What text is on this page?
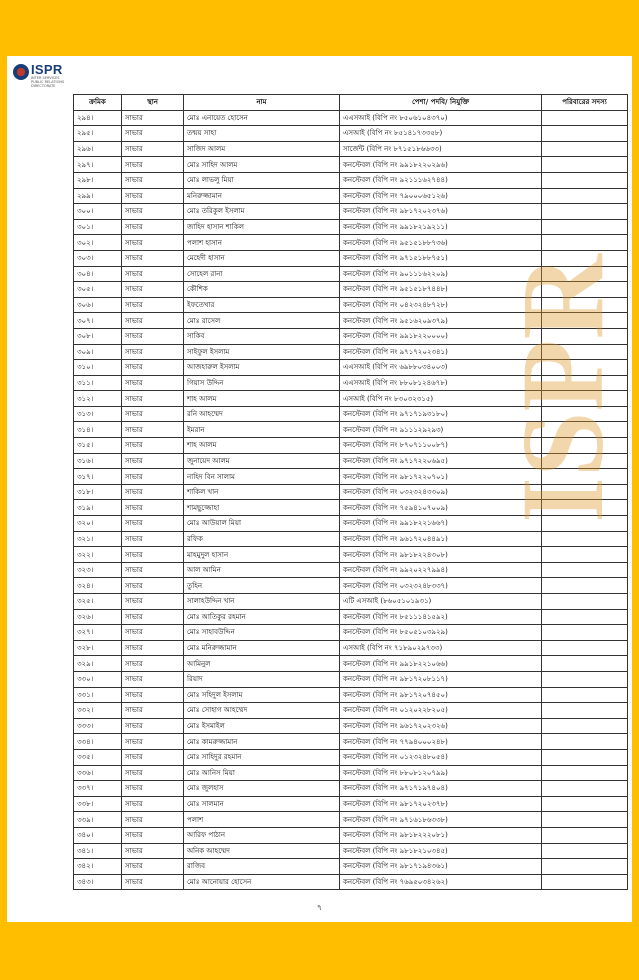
ISPR
INTER SERVICES PUBLIC RELATIONS DIRECTORATE
ক্রমিক	স্থান	নাম	পেশা/ পদবি/ নিযুক্তি	পরিবারের সদস্য
২৯৪।	সাভার	মোঃ এনায়েত হোসেন	এএসআই (বিপি নং ৮৫০৬১০৪৩৭০)	
২৯৫।	সাভার	তন্ময় সাহা	এসআই (বিপি নং ৮৫১৪১৭৩৩৫৮)	
২৯৬।	সাভার	সাজিদ আলম	সার্জেন্ট (বিপি নং ৮৭১৫১৮৬৬৩৩)	
২৯৭।	সাভার	মোঃ সাহিদ আলম	কনস্টেবল (বিপি নং ৯৯১৮২২০২৯৬)	
২৯৮।	সাভার	মোঃ লাভলু মিয়া	কনস্টেবল (বিপি নং ৯২১১১৬২৭৪৪)	
২৯৯।	সাভার	মনিরুজ্জামান	কনস্টেবল (বিপি নং ৭৯০০০৬৫১২৬)	
৩০০।	সাভার	মোঃ তরিকুল ইসলাম	কনস্টেবল (বিপি নং ৯৮১৭২০২৩৭৬)	
৩০১।	সাভার	জাহিদ হাসান শাকিল	কনস্টেবল (বিপি নং ৯৯১৮২১৯২১১)	
৩০২।	সাভার	পলাশ হাসান	কনস্টেবল (বিপি নং ৯৫১৫১৮৮৭৩৬)	
৩০৩।	সাভার	মেহেদী হাসান	কনস্টেবল (বিপি নং ৯৭১৫১৮৮৭৫১)	
৩০৪।	সাভার	সোহেল রানা	কনস্টেবল (বিপি নং ৯০১১১৬২২০৯)	
৩০৫।	সাভার	কৌশিক	কনস্টেবল (বিপি নং ৯৫১৫১৮৭৪৪৮)	
৩০৬।	সাভার	ইফতেখার	কনস্টেবল (বিপি নং ০৪২৩২৪৮৭২৮)	
৩০৭।	সাভার	মোঃ রাসেল	কনস্টেবল (বিপি নং ৯৫১৬২০৯৩৭৯)	
৩০৮।	সাভার	সাকিব	কনস্টেবল (বিপি নং ৯৯১৮২২০০০০)	
৩০৯।	সাভার	সাইফুল ইসলাম	কনস্টেবল (বিপি নং ৯৭১৭২০২৩৪১)	
৩১০।	সাভার	আজহারুল ইসলাম	এএসআই (বিপি নং ৬৯৮৮০৩৪০০৩)	
৩১১।	সাভার	গিয়াস উদ্দিন	এএসআই (বিপি নং ৮৮০৮১২৪৬৭৮)	
৩১২।	সাভার	শাহ আলম	এসআই (বিপি নং ৮৩০৩২৩১৫)	
৩১৩।	সাভার	রনি আহম্মেদ	কনস্টেবল (বিপি নং ৯৭১৭১৯৩১৮০)	
৩১৪।	সাভার	ইমরান	কনস্টেবল (বিপি নং ৯১১১২৯২৯৩)	
৩১৫।	সাভার	শাহ আলম	কনস্টেবল (বিপি নং ৮৭০৭১১০০৮৭)	
৩১৬।	সাভার	জুনায়েদ আলম	কনস্টেবল (বিপি নং ৯৭১৭২২০৬৯৫)	
৩১৭।	সাভার	নাহিদ বিন সালাম	কনস্টেবল (বিপি নং ৯৮১৭২২০৭০১)	
৩১৮।	সাভার	শাকিল খান	কনস্টেবল (বিপি নং ০৩২৩২৪৩৩০৯)	
৩১৯।	সাভার	শামছুজ্জোহা	কনস্টেবল (বিপি নং ৭৫৯৪১০৭০০৯)	
৩২০।	সাভার	মোঃ আউয়াল মিয়া	কনস্টেবল (বিপি নং ৯৯১৮২২১৬৬৭)	
৩২১।	সাভার	রফিক	কনস্টেবল (বিপি নং ৯৬১৭২০৪৪৯১)	
৩২২।	সাভার	মাহমুদুল হাসান	কনস্টেবল (বিপি নং ৯৮১৮২২৪৩০৮)	
৩২৩।	সাভার	আল আমিন	কনস্টেবল (বিপি নং ৯৯২০২২৭৯৯৪)	
৩২৪।	সাভার	তুহিন	কনস্টেবল (বিপি নং ০৩২৩২৪৮৩৩৭)	
৩২৫।	সাভার	সালাহউদ্দিন খান	এটি এসআই (৮৬০৫১০১৯৩১)	
৩২৬।	সাভার	মোঃ আতিকুর রহমান	কনস্টেবল (বিপি নং ৮৫১১১৪১৫৯২)	
৩২৭।	সাভার	মোঃ সাহাবউদ্দিন	কনস্টেবল (বিপি নং ৮৫০৫১০৩৯২৯)	
৩২৮।	সাভার	মোঃ মনিরুজ্জামান	এসআই (বিপি নং ৭১৮৯০২৯৭৩৩)	
৩২৯।	সাভার	আমিনুল	কনস্টেবল (বিপি নং ৯৯১৮২২১০৬৬)	
৩৩০।	সাভার	রিয়াদ	কনস্টেবল (বিপি নং ৯৮১৭২০৮১১৭)	
৩৩১।	সাভার	মোঃ সহিদুল ইসলাম	কনস্টেবল (বিপি নং ৯৮১৭২০৭৪৫০)	
৩৩২।	সাভার	মোঃ সোহাগ আহম্মেদ	কনস্টেবল (বিপি নং ০১২০২২৮২০৫)	
৩৩৩।	সাভার	মোঃ ইসমাইল	কনস্টেবল (বিপি নং ৯৬১৭২০২৩২৬)	
৩৩৪।	সাভার	মোঃ কামরুজ্জামান	কনস্টেবল (বিপি নং ৭৭৯৪০০০২৪৮)	
৩৩৫।	সাভার	মোঃ সাহিদুর রহমান	কনস্টেবল (বিপি নং ০১২৩২৪৮০৫৪)	
৩৩৬।	সাভার	মোঃ আনিস মিয়া	কনস্টেবল (বিপি নং ৮৮০৮১২০৭৯৯)	
৩৩৭।	সাভার	মোঃ জুলহাস	কনস্টেবল (বিপি নং ৯৭১৭১৯৭৪০৪)	
৩৩৮।	সাভার	মোঃ সালমান	কনস্টেবল (বিপি নং ৯৮১৭২০২৩৭৮)	
৩৩৯।	সাভার	পলাশ	কনস্টেবল (বিপি নং ৯৭১৬১৮৬৩৩৮)	
৩৪০।	সাভার	আরিফ পাঠান	কনস্টেবল (বিপি নং ৯৮১৮২২২০৮১)	
৩৪১।	সাভার	অনিক আহম্মেদ	কনস্টেবল (বিপি নং ৯৮১৮২১০৩৪৫)	
৩৪২।	সাভার	রাজিব	কনস্টেবল (বিপি নং ৯৮১৭১৯৪৩৬১)	
৩৪৩।	সাভার	মোঃ আনোয়ার হোসেন	কনস্টেবল (বিপি নং ৭৬৯৫০৩৪২৬২)	
ISPR
৭
